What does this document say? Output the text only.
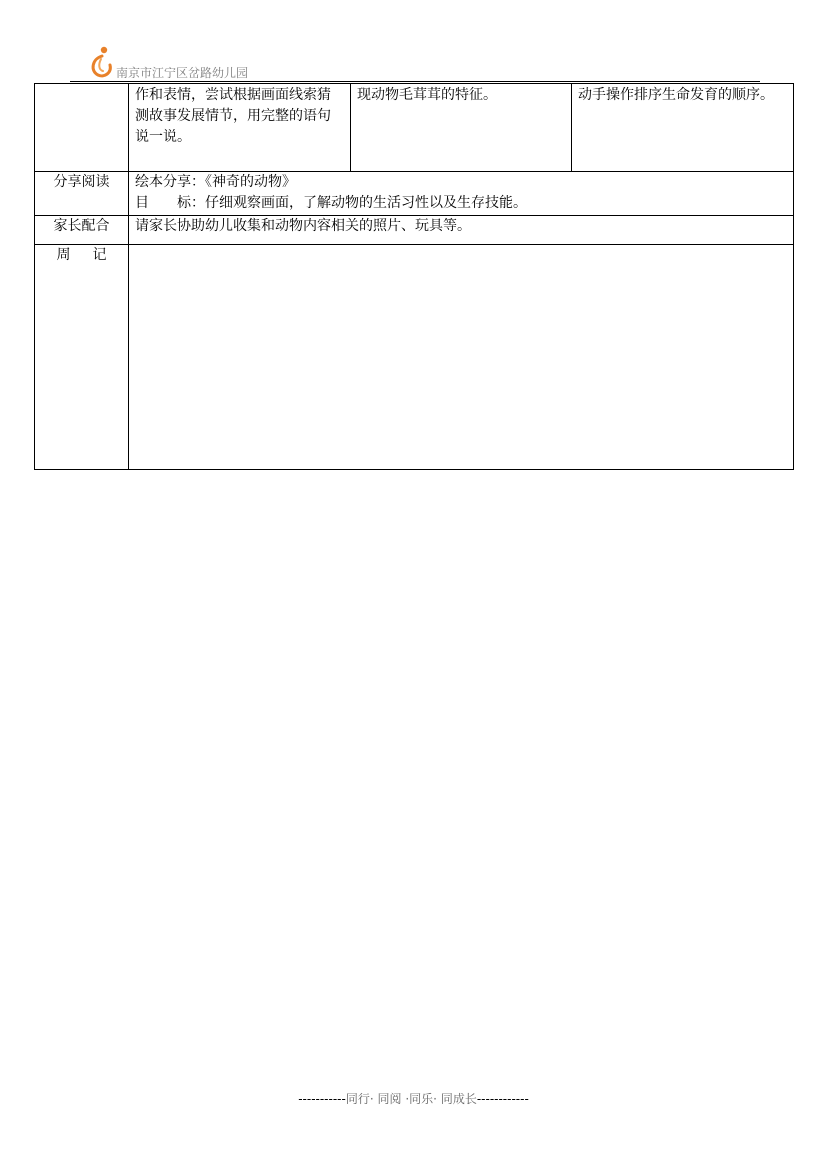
南京市江宁区岔路幼儿园

	作和表情，尝试根据画面线索猜测故事发展情节，用完整的语句说一说。	现动物毛茸茸的特征。	动手操作排序生命发育的顺序。

分享阅读	绘本分享：《神奇的动物》
目 标：仔细观察画面，了解动物的生活习性以及生存技能。		

家长配合	请家长协助幼儿收集和动物内容相关的照片、玩具等。		

周 记			
-----------同行· 同阅 ·同乐· 同成长------------
